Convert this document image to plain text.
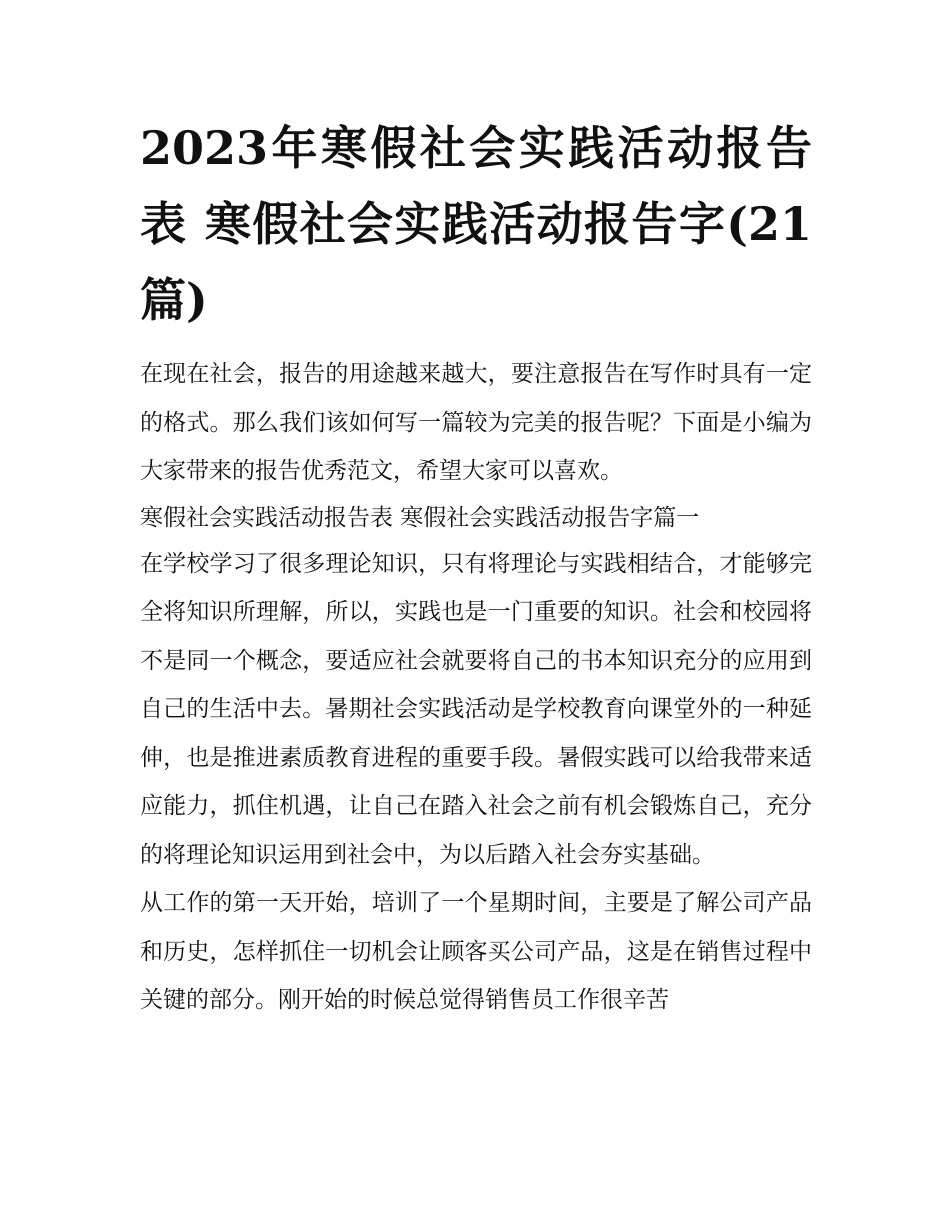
2023年寒假社会实践活动报告表 寒假社会实践活动报告字(21篇)

在现在社会，报告的用途越来越大，要注意报告在写作时具有一定的格式。那么我们该如何写一篇较为完美的报告呢？下面是小编为大家带来的报告优秀范文，希望大家可以喜欢。

寒假社会实践活动报告表 寒假社会实践活动报告字篇一

在学校学习了很多理论知识，只有将理论与实践相结合，才能够完全将知识所理解，所以，实践也是一门重要的知识。社会和校园将不是同一个概念，要适应社会就要将自己的书本知识充分的应用到自己的生活中去。暑期社会实践活动是学校教育向课堂外的一种延伸，也是推进素质教育进程的重要手段。暑假实践可以给我带来适应能力，抓住机遇，让自己在踏入社会之前有机会锻炼自己，充分的将理论知识运用到社会中，为以后踏入社会夯实基础。

从工作的第一天开始，培训了一个星期时间，主要是了解公司产品和历史，怎样抓住一切机会让顾客买公司产品，这是在销售过程中关键的部分。刚开始的时候总觉得销售员工作很辛苦
